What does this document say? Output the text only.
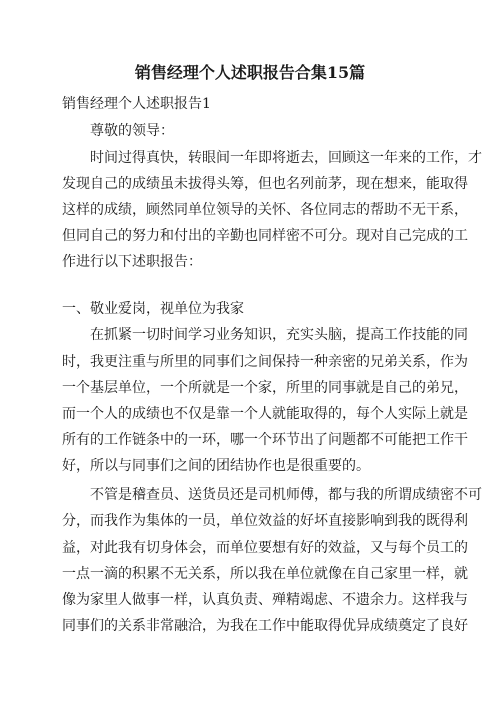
销售经理个人述职报告合集15篇
销售经理个人述职报告1
尊敬的领导：
时间过得真快，转眼间一年即将逝去，回顾这一年来的工作，才
发现自己的成绩虽未拔得头筹，但也名列前茅，现在想来，能取得
这样的成绩，顾然同单位领导的关怀、各位同志的帮助不无干系，
但同自己的努力和付出的辛勤也同样密不可分。现对自己完成的工
作进行以下述职报告：
一、敬业爱岗，视单位为我家
在抓紧一切时间学习业务知识，充实头脑，提高工作技能的同
时，我更注重与所里的同事们之间保持一种亲密的兄弟关系，作为
一个基层单位，一个所就是一个家，所里的同事就是自己的弟兄，
而一个人的成绩也不仅是靠一个人就能取得的，每个人实际上就是
所有的工作链条中的一环，哪一个环节出了问题都不可能把工作干
好，所以与同事们之间的团结协作也是很重要的。
不管是稽查员、送货员还是司机师傅，都与我的所谓成绩密不可
分，而我作为集体的一员，单位效益的好坏直接影响到我的既得利
益，对此我有切身体会，而单位要想有好的效益，又与每个员工的
一点一滴的积累不无关系，所以我在单位就像在自己家里一样，就
像为家里人做事一样，认真负责、殚精竭虑、不遗余力。这样我与
同事们的关系非常融洽，为我在工作中能取得优异成绩奠定了良好
